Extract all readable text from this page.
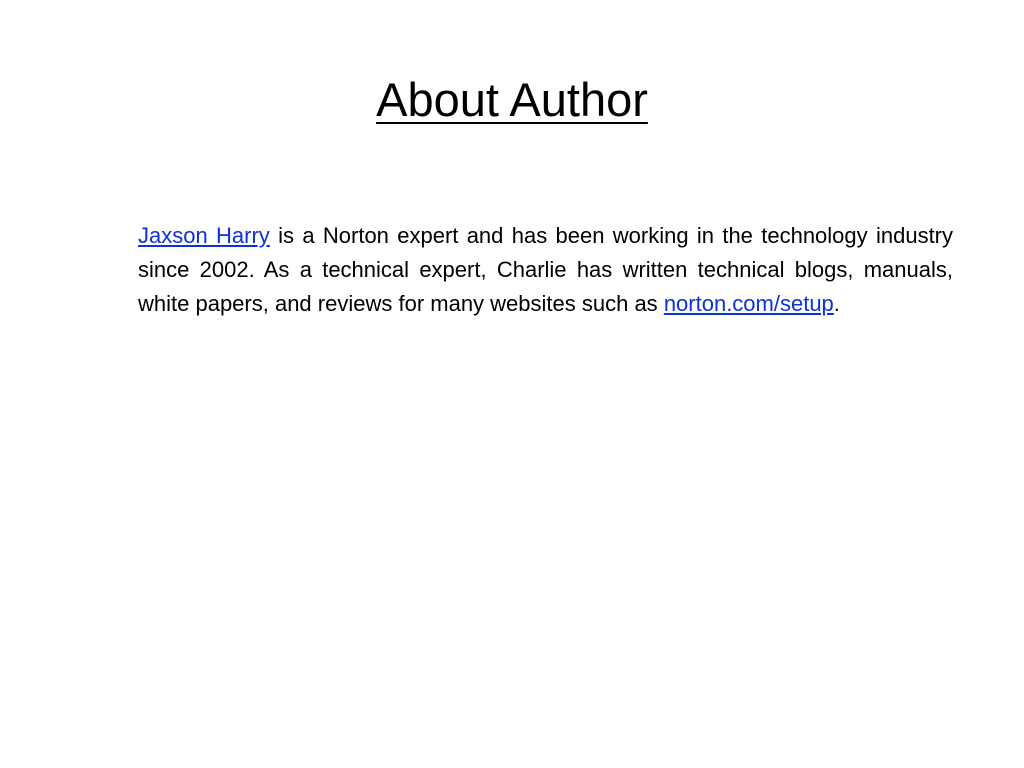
About Author

Jaxson Harry is a Norton expert and has been working in the technology industry since 2002. As a technical expert, Charlie has written technical blogs, manuals, white papers, and reviews for many websites such as norton.com/setup.
